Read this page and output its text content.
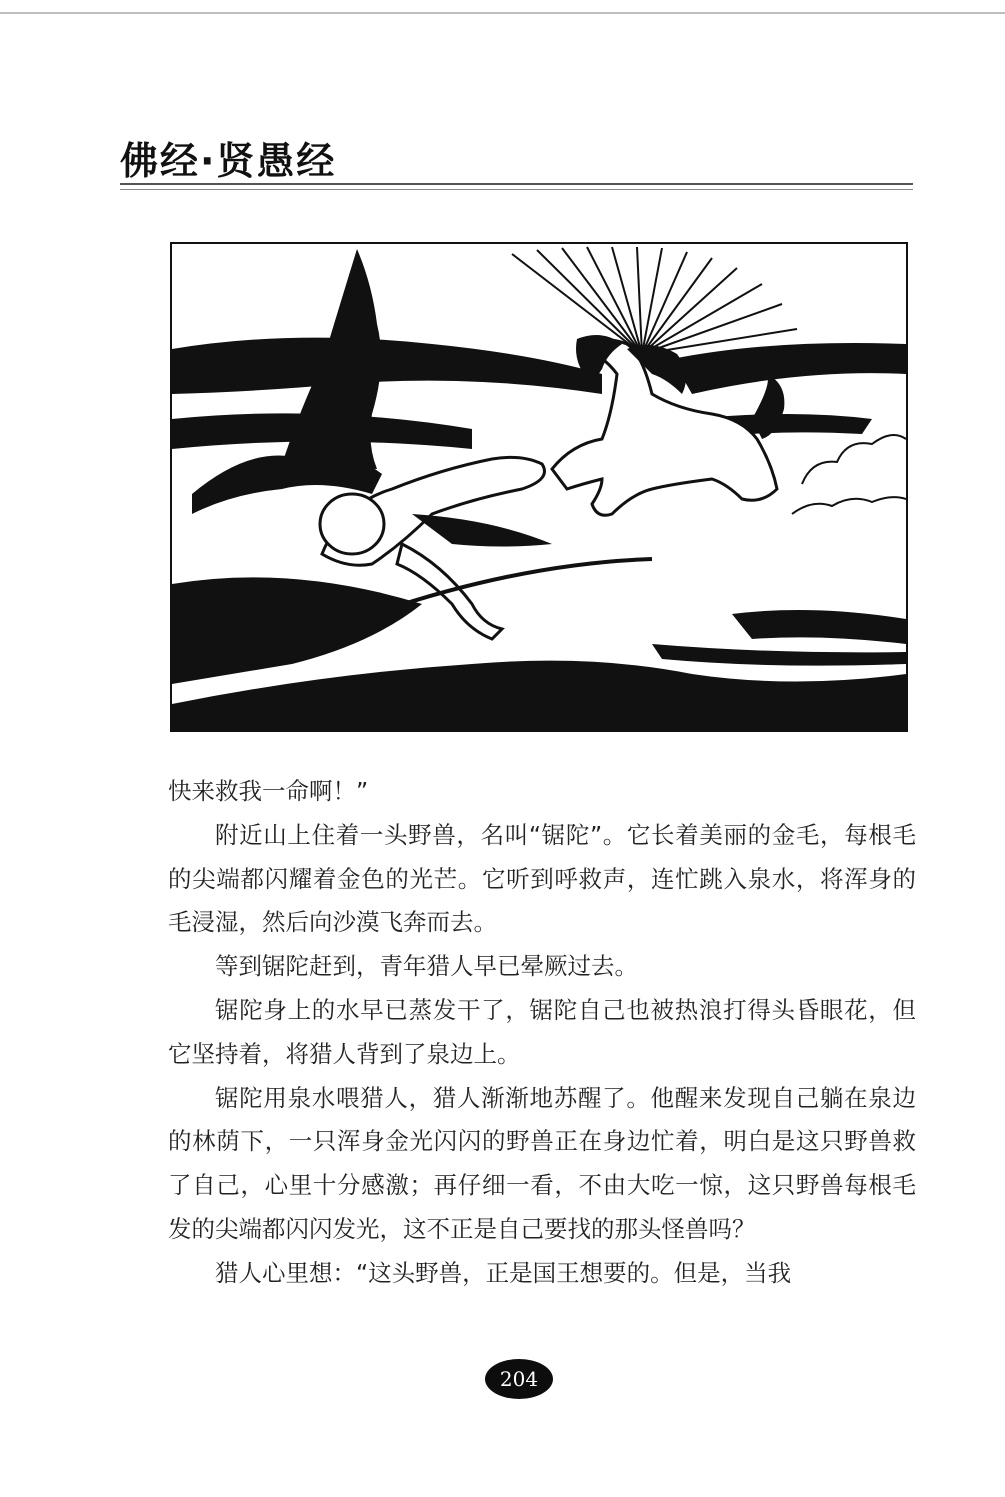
佛经·贤愚经

快来救我一命啊！”

附近山上住着一头野兽，名叫“锯陀”。它长着美丽的金毛，每根毛的尖端都闪耀着金色的光芒。它听到呼救声，连忙跳入泉水，将浑身的毛浸湿，然后向沙漠飞奔而去。

等到锯陀赶到，青年猎人早已晕厥过去。

锯陀身上的水早已蒸发干了，锯陀自己也被热浪打得头昏眼花，但它坚持着，将猎人背到了泉边上。

锯陀用泉水喂猎人，猎人渐渐地苏醒了。他醒来发现自己躺在泉边的林荫下，一只浑身金光闪闪的野兽正在身边忙着，明白是这只野兽救了自己，心里十分感激；再仔细一看，不由大吃一惊，这只野兽每根毛发的尖端都闪闪发光，这不正是自己要找的那头怪兽吗？

猎人心里想：“这头野兽，正是国王想要的。但是，当我

204
